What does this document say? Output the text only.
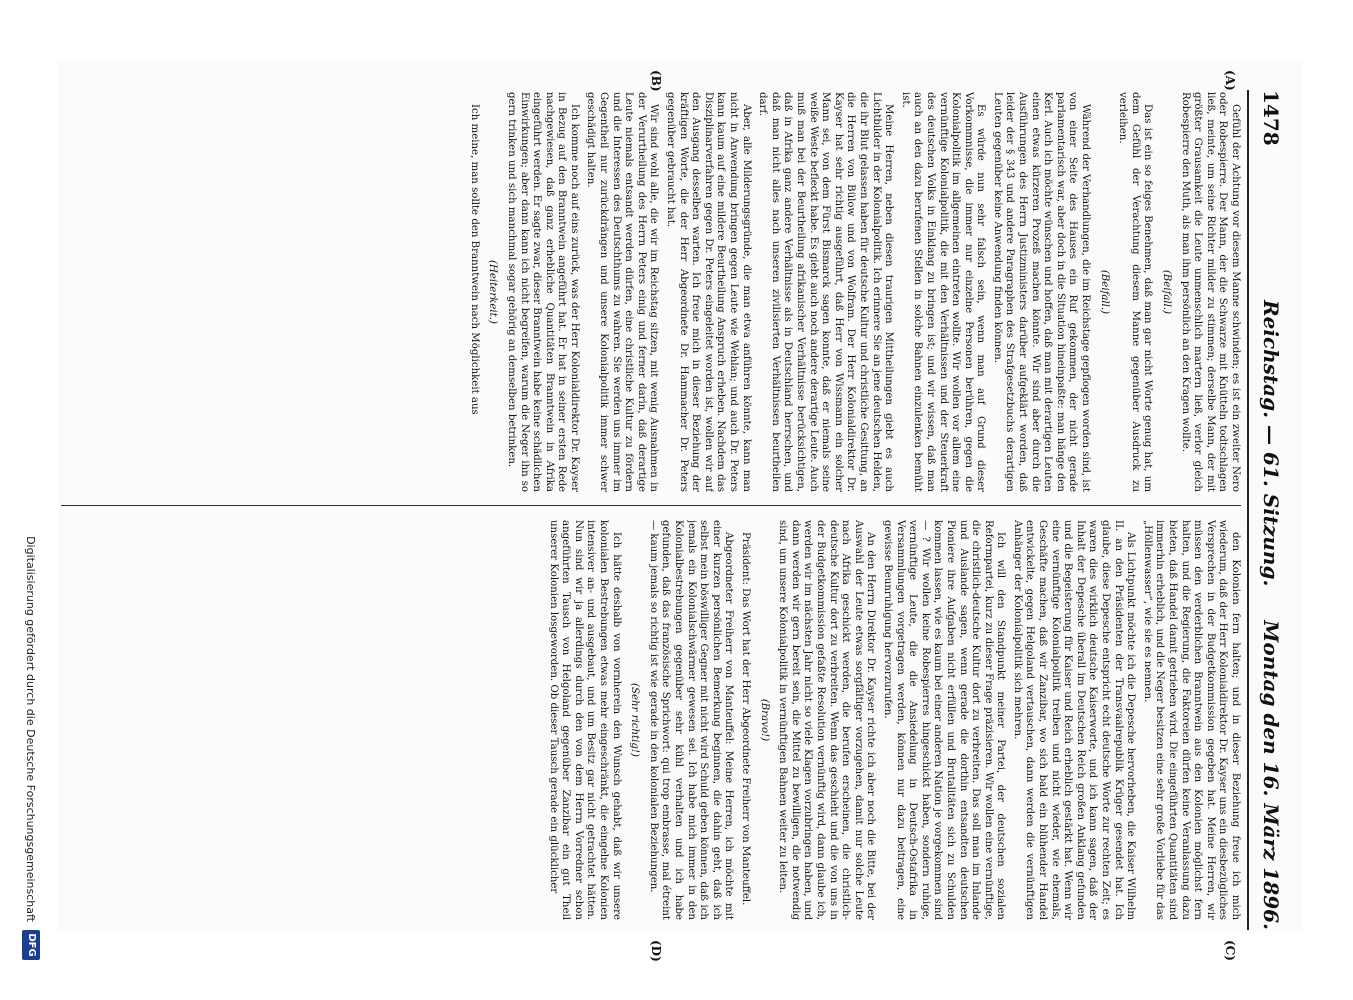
1478
Reichstag. — 61. Sitzung.
Montag den 16. März 1896.
(A)
(B)
(C)
(D)

Gefühl der Achtung vor diesem Manne schwinden; es ist ein zweiter Nero oder Robespierre. Der Mann, der die Schwarze mit Knütteln todtschlagen ließ, meinte, um seine Richter milder zu stimmen; derselbe Mann, der mit größter Grausamkeit die Leute unmenschlich martern ließ, verlor gleich Robespierre den Muth, als man ihm persönlich an den Kragen wollte.

(Beifall.)

Das ist ein so feiges Benehmen, daß man gar nicht Worte genug hat, um dem Gefühl der Verachtung diesem Manne gegenüber Ausdruck zu verleihen.

(Beifall.)

Während der Verhandlungen, die im Reichstage gepflogen worden sind, ist von einer Seite des Hauses ein Ruf gekommen, der nicht gerade parlamentarisch war, aber doch in die Situation hineinpaßte: man hänge den Kerl. Auch ich möchte wünschen und hoffen, daß man mit derartigen Leuten einen etwas kürzeren Prozeß machen könnte. Wir sind aber durch die Ausführungen des Herrn Justizministers darüber aufgeklärt worden, daß leider der § 343 und andere Paragraphen des Strafgesetzbuchs derartigen Leuten gegenüber keine Anwendung finden können.

Es würde nun sehr falsch sein, wenn man auf Grund dieser Vorkommnisse, die immer nur einzelne Personen berühren, gegen die Kolonialpolitik im allgemeinen eintreten wollte. Wir wollen vor allem eine vernünftige Kolonialpolitik, die mit den Verhältnissen und der Steuerkraft des deutschen Volks in Einklang zu bringen ist; und wir wissen, daß man auch an den dazu berufenen Stellen in solche Bahnen einzulenken bemüht ist.

Meine Herren, neben diesen traurigen Mittheilungen giebt es auch Lichtbilder in der Kolonialpolitik. Ich erinnere Sie an jene deutschen Helden, die ihr Blut gelassen haben für deutsche Kultur und christliche Gesittung, an die Herren von Bülow und von Wolfram. Der Herr Kolonialdirektor Dr. Kayser hat sehr richtig ausgeführt, daß Herr von Wissmann ein solcher Mann sei, von dem Fürst Bismarck sagen konnte, daß er niemals seine weiße Weste befleckt habe. Es giebt auch noch andere derartige Leute. Auch muß man bei der Beurtheilung afrikanischer Verhältnisse berücksichtigen, daß in Afrika ganz andere Verhältnisse als in Deutschland herrschen, und daß man nicht alles nach unseren zivilisierten Verhältnissen beurtheilen darf.

Aber, alle Milderungsgründe, die man etwa anführen könnte, kann man nicht in Anwendung bringen gegen Leute wie Wehlan; und auch Dr. Peters kann kaum auf eine mildere Beurtheilung Anspruch erheben. Nachdem das Disziplinarverfahren gegen Dr. Peters eingeleitet worden ist, wollen wir auf den Ausgang desselben warten. Ich freue mich in dieser Beziehung der kräftigen Worte, die der Herr Abgeordnete Dr. Hammacher Dr. Peters gegenüber gebraucht hat.

Wir sind wohl alle, die wir im Reichstag sitzen, mit wenig Ausnahmen in der Verurtheilung des Herrn Peters einig und ferner darin, daß derartige Leute niemals entsandt werden dürfen, eine christliche Kultur zu fördern und die Interessen des Deutschthums zu wahren. Sie werden uns immer im Gegentheil nur zurückdrängen und unsere Kolonialpolitik immer schwer geschädigt halten.

Ich komme noch auf eins zurück, was der Herr Kolonialdirektor Dr. Kayser in Bezug auf den Branntwein angeführt hat. Er hat in seiner ersten Rede nachgewiesen, daß ganz erhebliche Quantitäten Branntwein in Afrika eingeführt werden. Er sagte zwar, dieser Branntwein habe keine schädlichen Einwirkungen; aber dann kann ich nicht begreifen, warum die Neger ihn so gern trinken und sich manchmal sogar gehörig an demselben betrinken.

(Heiterkeit.)

Ich meine, man sollte den Branntwein nach Möglichkeit aus

den Kolonien fern halten; und in dieser Beziehung freue ich mich wiederum, daß der Herr Kolonialdirektor Dr. Kayser uns ein diesbezügliches Versprechen in der Budgetkommission gegeben hat. Meine Herren, wir müssen den verderblichen Branntwein aus den Kolonien möglichst fern halten, und die Regierung, die Faktoreien dürfen keine Veranlassung dazu bieten, daß Handel damit getrieben wird. Die eingeführten Quantitäten sind immerhin erheblich, und die Neger besitzen eine sehr große Vorliebe für das „Höllenwasser“, wie sie es nennen.

Als Lichtpunkt möchte ich die Depesche hervorheben, die Kaiser Wilhelm II. an den Präsidenten der Transvaalrepublik Krüger gesendet hat. Ich glaube, diese Depesche entspricht echt deutsche Worte zur rechten Zeit; es waren dies wirklich deutsche Kaiserworte, und ich kann sagen, daß der Inhalt der Depesche überall im Deutschen Reich großen Anklang gefunden und die Begeisterung für Kaiser und Reich erheblich gestärkt hat. Wenn wir eine vernünftige Kolonialpolitik treiben und nicht wieder, wie ehemals, Geschäfte machen, daß wir Zanzibar, wo sich bald ein blühender Handel entwickelte, gegen Helgoland vertauschen, dann werden die vernünftigen Anhänger der Kolonialpolitik sich mehren.

Ich will den Standpunkt meiner Partei, der deutschen sozialen Reformpartei, kurz zu dieser Frage präzisieren. Wir wollen eine vernünftige, die christlich-deutsche Kultur dort zu verbreiten. Das soll man im Inlande und Auslande sagen, wenn gerade die dorthin entsandten deutschen Pioniere ihre Aufgaben nicht erfüllen und Brutalitäten sich zu Schulden kommen lassen, wie es kaum bei einer anderen Nation je vorgekommen sind — ? Wir wollen keine Robespierres hingeschickt haben, sondern ruhige, vernünftige Leute, die die Ansiedelung in Deutsch-Ostafrika in Versammlungen vorgetragen werden, können nur dazu beitragen, eine gewisse Beunruhigung hervorzurufen.

An den Herrn Direktor Dr. Kayser richte ich aber noch die Bitte, bei der Auswahl der Leute etwas sorgfältiger vorzugehen, damit nur solche Leute nach Afrika geschickt werden, die berufen erscheinen, die christlich-deutsche Kultur dort zu verbreiten. Wenn das geschieht und die von uns in der Budgetkommission gefaßte Resolution vernünftig wird, dann glaube ich, werden wir im nächsten Jahr nicht so viele Klagen vorzubringen haben, und dann werden wir gern bereit sein, die Mittel zu bewilligen, die notwendig sind, um unsere Kolonialpolitik in vernünftigen Bahnen weiter zu leiten.

(Bravo!)

Präsident: Das Wort hat der Herr Abgeordnete Freiherr von Manteuffel.

Abgeordneter Freiherr von Manteuffel: Meine Herren, ich möchte mit einer kurzen persönlichen Bemerkung beginnen, die dahin geht, daß ich selbst mein böswilliger Gegner mit nicht wird Schuld geben können, daß ich jemals ein Kolonialschwärmer gewesen sei. Ich habe mich immer in den Kolonialbestrebungen gegenüber sehr kühl verhalten und ich habe gefunden, daß das französische Sprichwort: qui trop embrasse, mal étreint — kaum jemals so richtig ist wie gerade in den kolonialen Beziehungen.

(Sehr richtig!)

Ich hätte deshalb von vornherein den Wunsch gehabt, daß wir unsere kolonialen Bestrebungen etwas mehr eingeschränkt, die eingelne Kolonien intensiver an- und ausgebaut, und um Besitz gar nicht getrachtet hätten. Nun sind wir ja allerdings durch den von dem Herrn Vorredner schon angeführten Tausch von Helgoland gegenüber Zanzibar ein gut Theil unserer Kolonien losgeworden. Ob dieser Tausch gerade ein glücklicher

Digitalisierung gefördert durch die Deutsche Forschungsgemeinschaft
DFG
